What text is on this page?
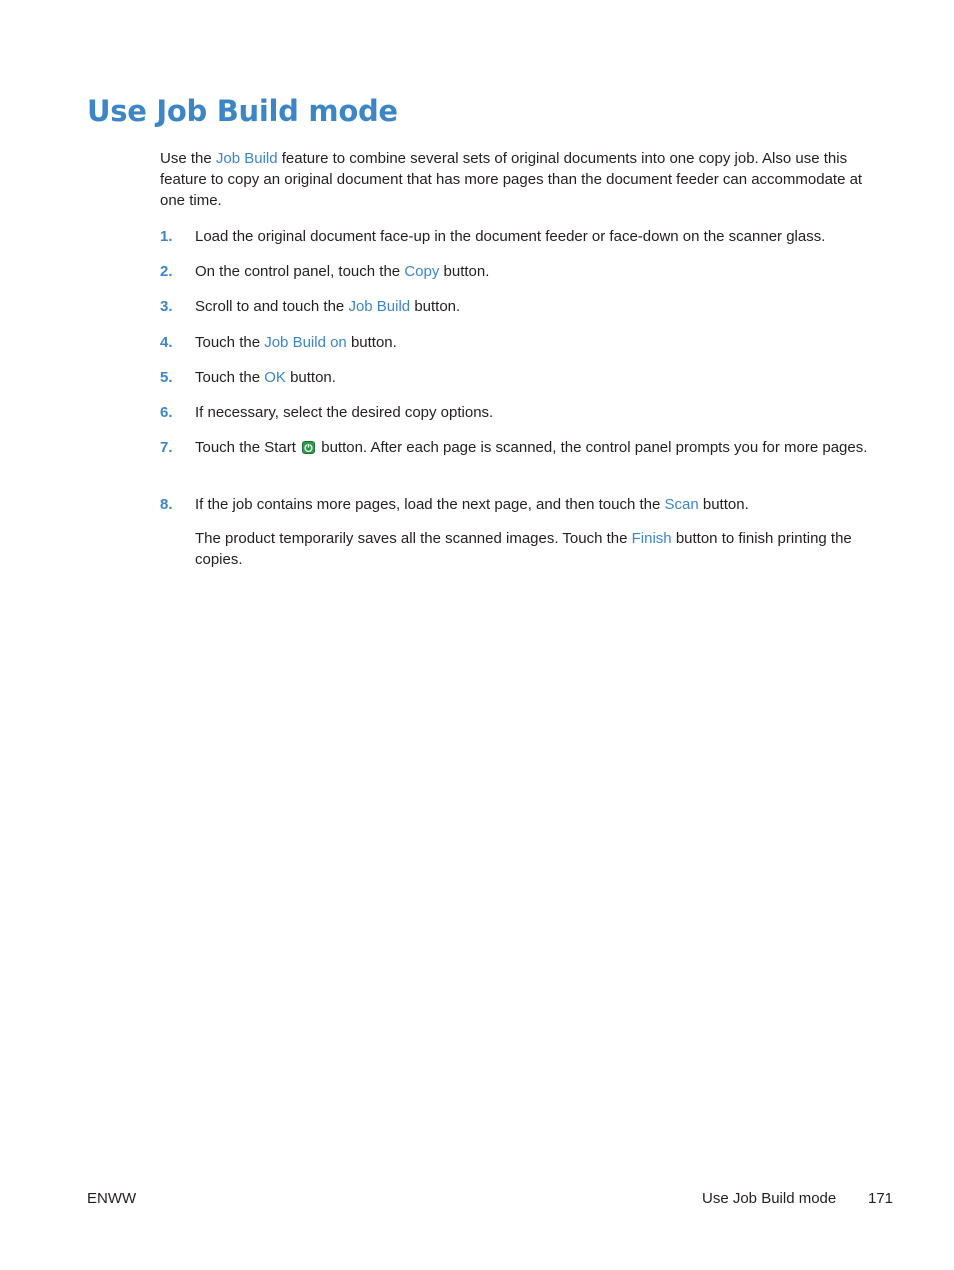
Use Job Build mode

Use the Job Build feature to combine several sets of original documents into one copy job. Also use this feature to copy an original document that has more pages than the document feeder can accommodate at one time.

1. Load the original document face-up in the document feeder or face-down on the scanner glass.
2. On the control panel, touch the Copy button.
3. Scroll to and touch the Job Build button.
4. Touch the Job Build on button.
5. Touch the OK button.
6. If necessary, select the desired copy options.
7. Touch the Start  button. After each page is scanned, the control panel prompts you for more pages.
8. If the job contains more pages, load the next page, and then touch the Scan button.

The product temporarily saves all the scanned images. Touch the Finish button to finish printing the copies.

ENWW	Use Job Build mode 171
